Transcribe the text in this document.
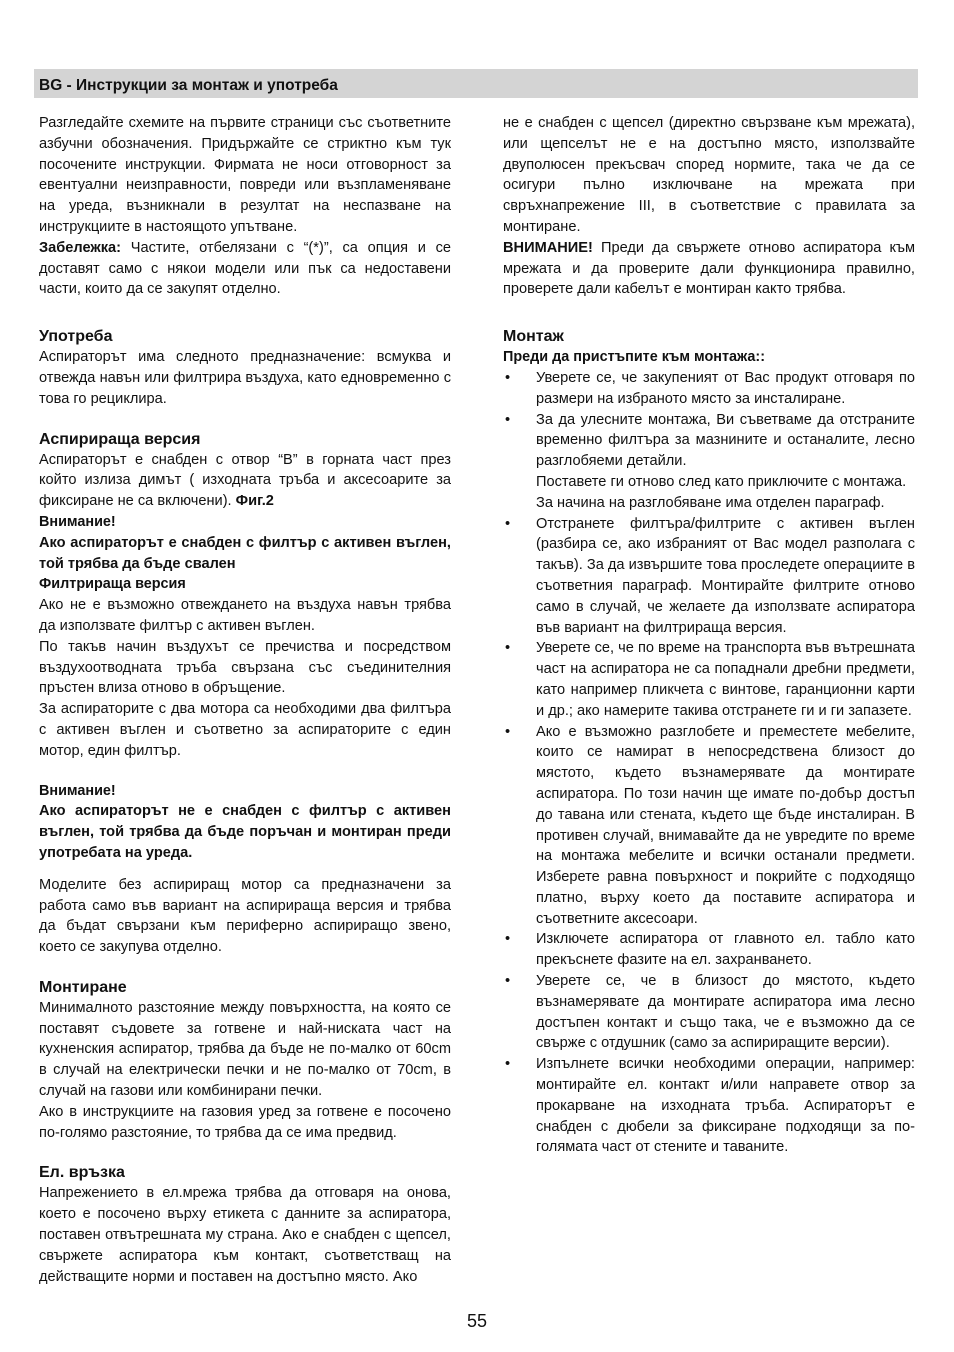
BG - Инструкции за монтаж и употреба

Разгледайте схемите на първите страници със съответните азбучни обозначения. Придържайте се стриктно към тук посочените инструкции. Фирмата не носи отговорност за евентуални неизправности, повреди или възпламеняване на уреда, възникнали в резултат на неспазване на инструкциите в настоящото упътване.

Забележка: Частите, отбелязани с “(*)”, са опция и се доставят само с някои модели или пък са недоставени части, които да се закупят отделно.

Употреба

Аспираторът има следното предназначение: всмуква и отвежда навън или филтрира въздуха, като едновременно с това го рециклира.

Аспирираща версия

Аспираторът е снабден с отвор “B” в горната част през който излиза димът ( изходната тръба и аксесоарите за фиксиране не са включени). Фиг.2

Внимание!

Ако аспираторът е снабден с филтър с активен въглен, той трябва да бъде свален

Филтрираща версия

Ако не е възможно отвеждането на въздуха навън трябва да използвате филтър с активен въглен.

По такъв начин въздухът се пречиства и посредством въздухоотводната тръба свързана със съединителния пръстен влиза отново в обръщение.

За аспираторите с два мотора са необходими два филтъра с активен въглен и съответно за аспираторите с един мотор, един филтър.

Внимание!

Ако аспираторът не е снабден с филтър с активен въглен, той трябва да бъде поръчан и монтиран преди употребата на уреда.

Моделите без аспириращ мотор са предназначени за работа само във вариант на аспирираща версия и трябва да бъдат свързани към периферно аспириращо звено, което се закупува отделно.

Монтиране

Минималното разстояние между повърхността, на която се поставят съдовете за готвене и най-ниската част на кухненския аспиратор, трябва да бъде не по-малко от 60cm в случай на електрически печки и не по-малко от 70cm, в случай на газови или комбинирани печки.

Ако в инструкциите на газовия уред за готвене е посочено по-голямо разстояние, то трябва да се има предвид.

Ел. връзка

Напрежението в ел.мрежа трябва да отговаря на онова, което е посочено върху етикета с данните за аспиратора, поставен отвътрешната му страна. Ако е снабден с щепсел, свържете аспиратора към контакт, съответстващ на действащите норми и поставен на достъпно място. Ако

не е снабден с щепсел (директно свързване към мрежата), или щепселът не е на достъпно място, използвайте двуполюсен прекъсвач според нормите, така че да се осигури пълно изключване на мрежата при свръхнапрежение III, в съответствие с правилата за монтиране.

ВНИМАНИЕ! Преди да свържете отново аспиратора към мрежата и да проверите дали функционира правилно, проверете дали кабелът е монтиран както трябва.

Монтаж

Преди да пристъпите към монтажа::

• Уверете се, че закупеният от Вас продукт отговаря по размери на избраното място за инсталиране.

• За да улесните монтажа, Ви съветваме да отстраните временно филтъра за мазнините и останалите, лесно разглобяеми детайли.

Поставете ги отново след като приключите с монтажа.

За начина на разглобяване има отделен параграф.

• Отстранете филтъра/филтрите с активен въглен (разбира се, ако избраният от Вас модел разполага с такъв). За да извършите това проследете операциите в съответния параграф. Монтирайте филтрите отново само в случай, че желаете да използвате аспиратора във вариант на филтрираща версия.

• Уверете се, че по време на транспорта във вътрешната част на аспиратора не са попаднали дребни предмети, като например пликчета с винтове, гаранционни карти и др.; ако намерите такива отстранете ги и ги запазете.

• Ако е възможно разглобете и преместете мебелите, които се намират в непосредствена близост до мястото, където възнамерявате да монтирате аспиратора. По този начин ще имате по-добър достъп до тавана или стената, където ще бъде инсталиран. В противен случай, внимавайте да не увредите по време на монтажа мебелите и всички останали предмети. Изберете равна повърхност и покрийте с подходящо платно, върху което да поставите аспиратора и съответните аксесоари.

• Изключете аспиратора от главното ел. табло като прекъснете фазите на ел. захранването.

• Уверете се, че в близост до мястото, където възнамерявате да монтирате аспиратора има лесно достъпен контакт и също така, че е възможно да се свърже с отдушник (само за аспириращите версии).

• Изпълнете всички необходими операции, например: монтирайте ел. контакт и/или направете отвор за прокарване на изходната тръба. Аспираторът е снабден с дюбели за фиксиране подходящи за по-голямата част от стените и таваните.

55
